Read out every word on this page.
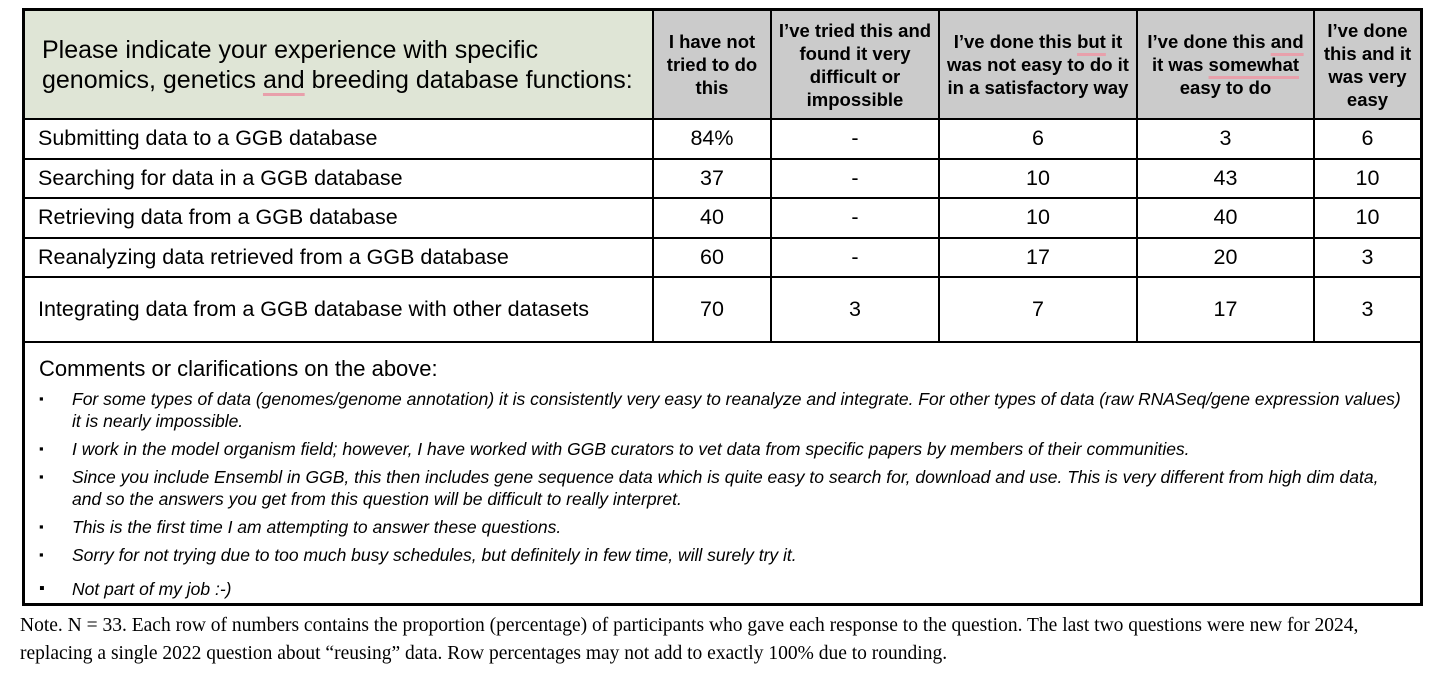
Please indicate your experience with specific genomics, genetics and breeding database functions:	I have not tried to do this	I’ve tried this and found it very difficult or impossible	I’ve done this but it was not easy to do it in a satisfactory way	I’ve done this and it was somewhat easy to do	I’ve done this and it was very easy
Submitting data to a GGB database	84%	-	6	3	6
Searching for data in a GGB database	37	-	10	43	10
Retrieving data from a GGB database	40	-	10	40	10
Reanalyzing data retrieved from a GGB database	60	-	17	20	3
Integrating data from a GGB database with other datasets	70	3	7	17	3
Comments or clarifications on the above:
▪ For some types of data (genomes/genome annotation) it is consistently very easy to reanalyze and integrate. For other types of data (raw RNASeq/gene expression values) it is nearly impossible.
▪ I work in the model organism field; however, I have worked with GGB curators to vet data from specific papers by members of their communities.
▪ Since you include Ensembl in GGB, this then includes gene sequence data which is quite easy to search for, download and use. This is very different from high dim data, and so the answers you get from this question will be difficult to really interpret.
▪ This is the first time I am attempting to answer these questions.
▪ Sorry for not trying due to too much busy schedules, but definitely in few time, will surely try it.
▪ Not part of my job :-)
Note. N = 33. Each row of numbers contains the proportion (percentage) of participants who gave each response to the question. The last two questions were new for 2024, replacing a single 2022 question about “reusing” data. Row percentages may not add to exactly 100% due to rounding.
